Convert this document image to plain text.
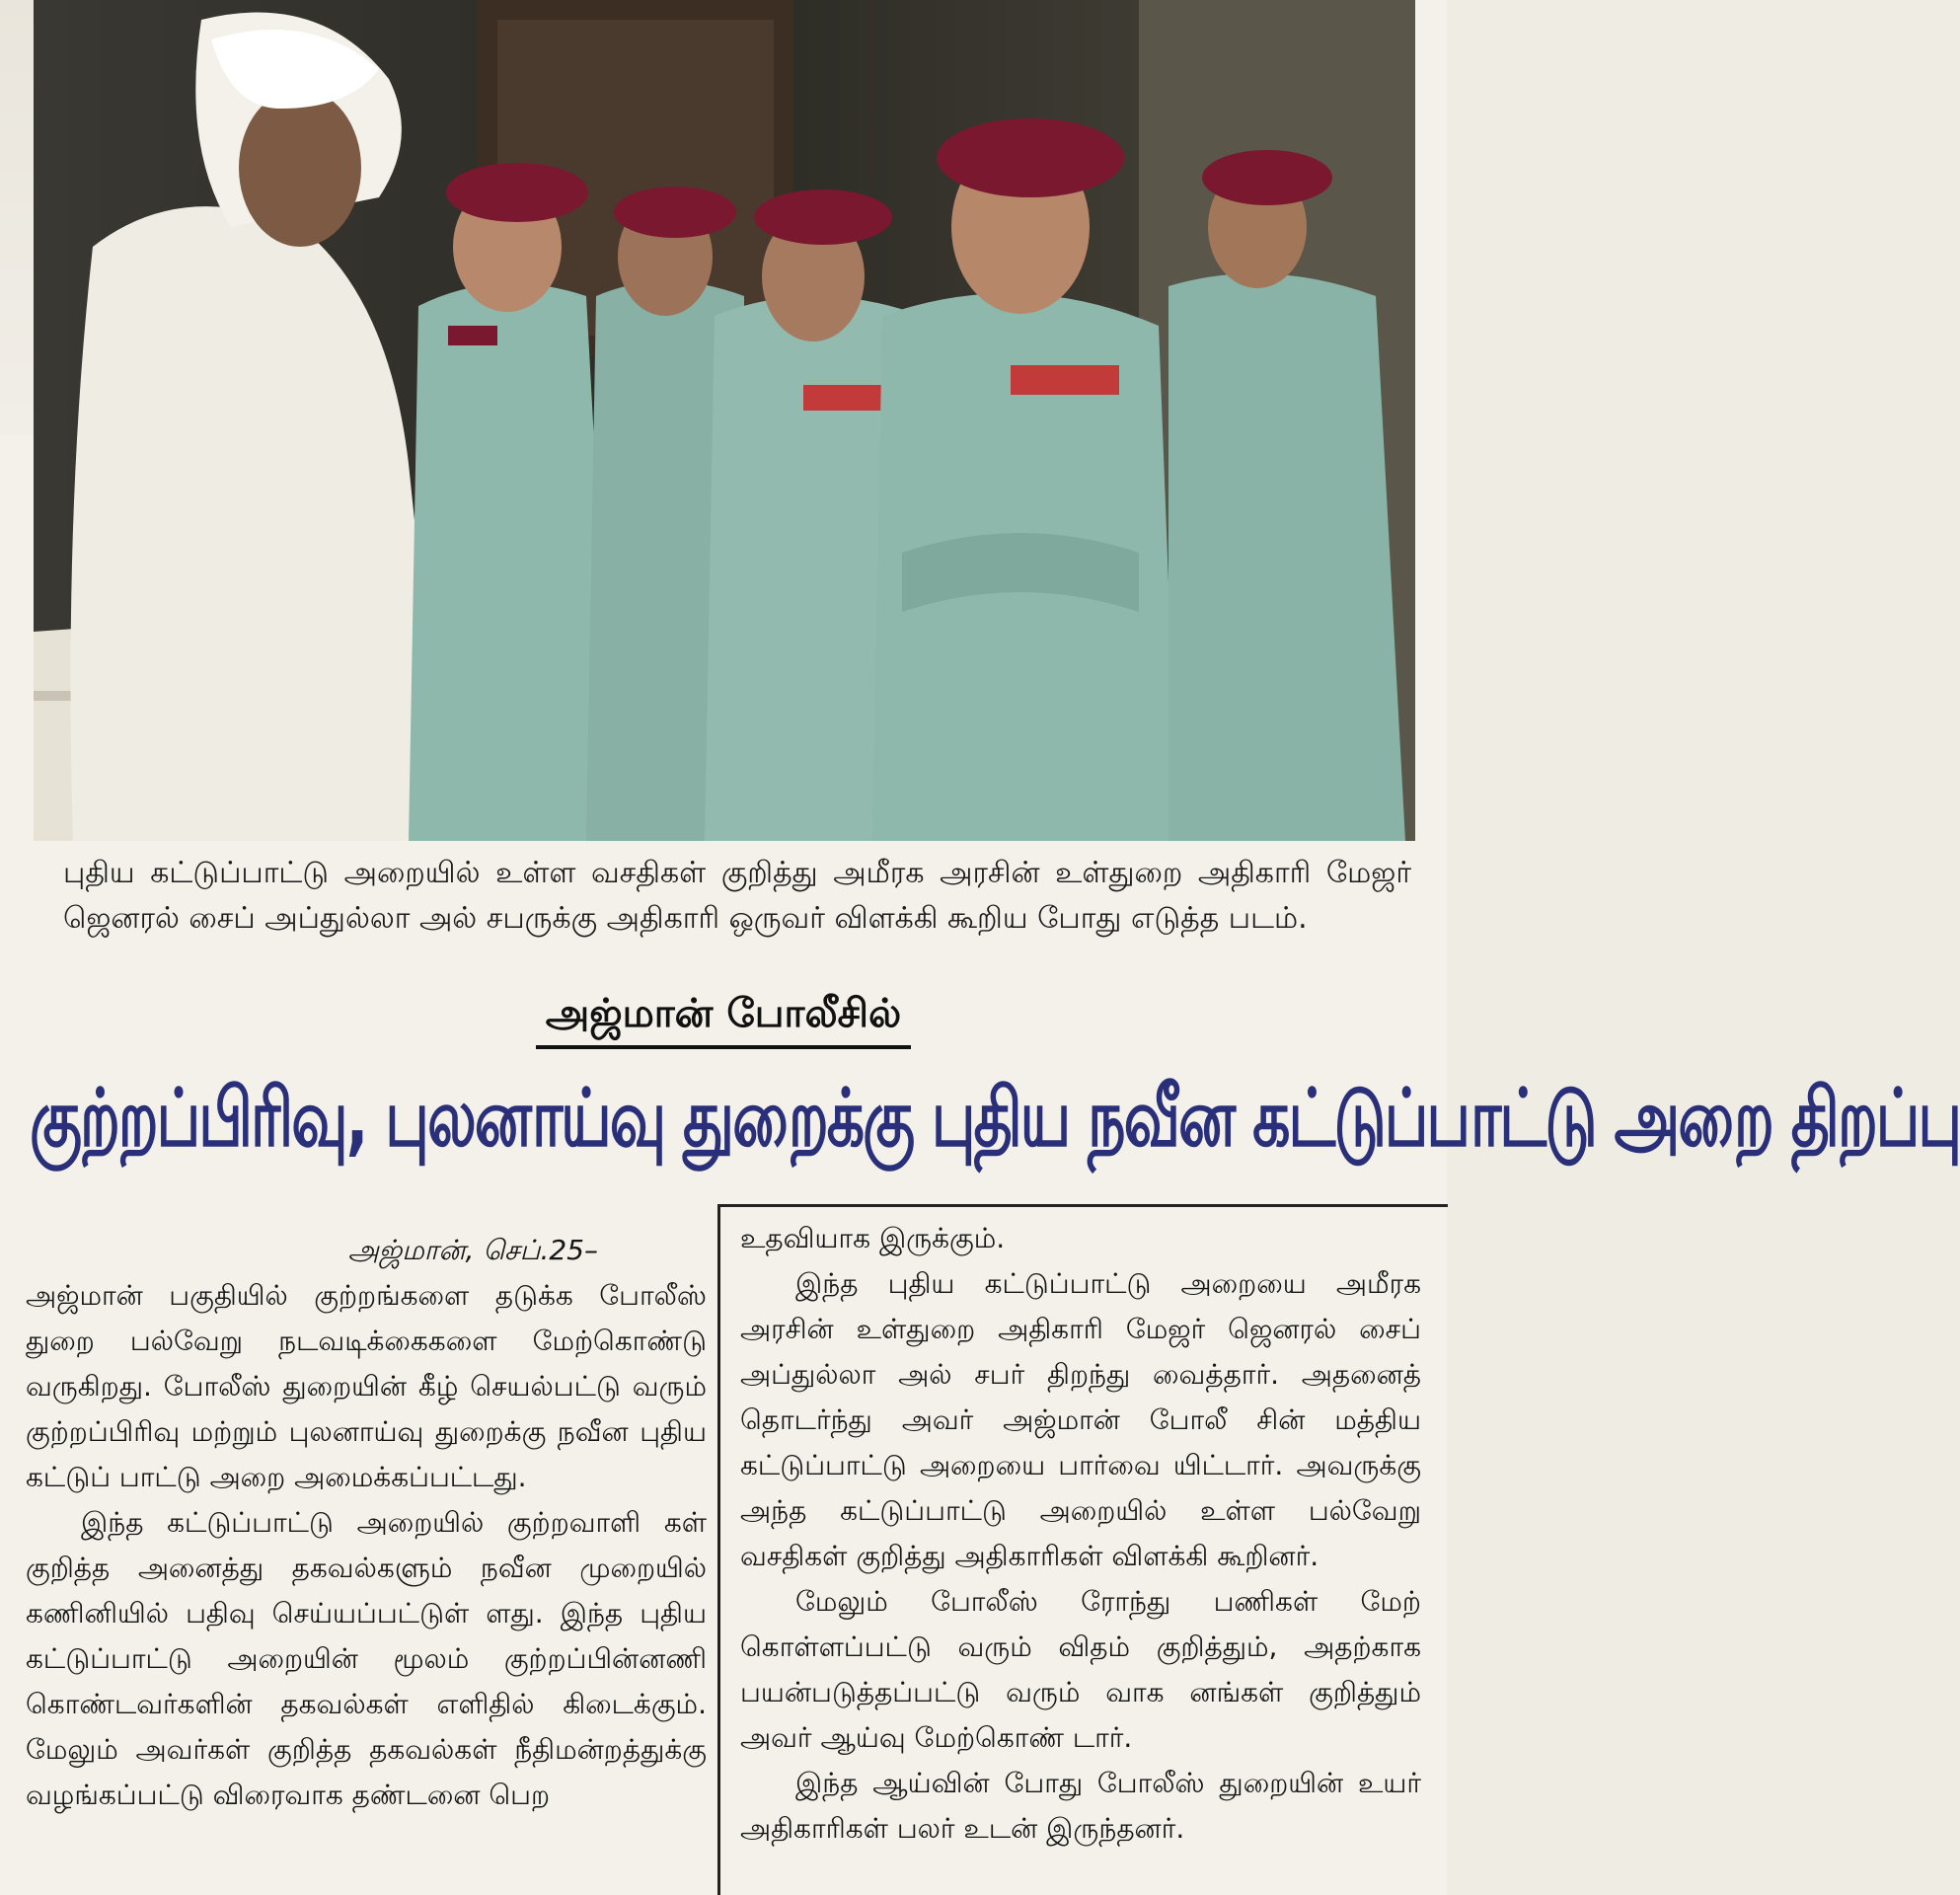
புதிய கட்டுப்பாட்டு அறையில் உள்ள வசதிகள் குறித்து அமீரக அரசின் உள்துறை அதிகாரி மேஜர் ஜெனரல் சைப் அப்துல்லா அல் சபருக்கு அதிகாரி ஒருவர் விளக்கி கூறிய போது எடுத்த படம்.
அஜ்மான் போலீசில்
குற்றப்பிரிவு, புலனாய்வு துறைக்கு புதிய நவீன கட்டுப்பாட்டு அறை திறப்பு
அஜ்மான், செப்.25–

அஜ்மான் பகுதியில் குற்றங்களை தடுக்க போலீஸ் துறை பல்வேறு நடவடிக்கைகளை மேற்கொண்டு வருகிறது. போலீஸ் துறையின் கீழ் செயல்பட்டு வரும் குற்றப்பிரிவு மற்றும் புலனாய்வு துறைக்கு நவீன புதிய கட்டுப் பாட்டு அறை அமைக்கப்பட்டது.

இந்த கட்டுப்பாட்டு அறையில் குற்றவாளி கள் குறித்த அனைத்து தகவல்களும் நவீன முறையில் கணினியில் பதிவு செய்யப்பட்டுள் ளது. இந்த புதிய கட்டுப்பாட்டு அறையின் மூலம் குற்றப்பின்னணி கொண்டவர்களின் தகவல்கள் எளிதில் கிடைக்கும். மேலும் அவர்கள் குறித்த தகவல்கள் நீதிமன்றத்துக்கு வழங்கப்பட்டு விரைவாக தண்டனை பெற

உதவியாக இருக்கும்.

இந்த புதிய கட்டுப்பாட்டு அறையை அமீரக அரசின் உள்துறை அதிகாரி மேஜர் ஜெனரல் சைப் அப்துல்லா அல் சபர் திறந்து வைத்தார். அதனைத் தொடர்ந்து அவர் அஜ்மான் போலீ சின் மத்திய கட்டுப்பாட்டு அறையை பார்வை யிட்டார். அவருக்கு அந்த கட்டுப்பாட்டு அறையில் உள்ள பல்வேறு வசதிகள் குறித்து அதிகாரிகள் விளக்கி கூறினர்.

மேலும் போலீஸ் ரோந்து பணிகள் மேற் கொள்ளப்பட்டு வரும் விதம் குறித்தும், அதற்காக பயன்படுத்தப்பட்டு வரும் வாக னங்கள் குறித்தும் அவர் ஆய்வு மேற்கொண் டார்.

இந்த ஆய்வின் போது போலீஸ் துறையின் உயர் அதிகாரிகள் பலர் உடன் இருந்தனர்.
